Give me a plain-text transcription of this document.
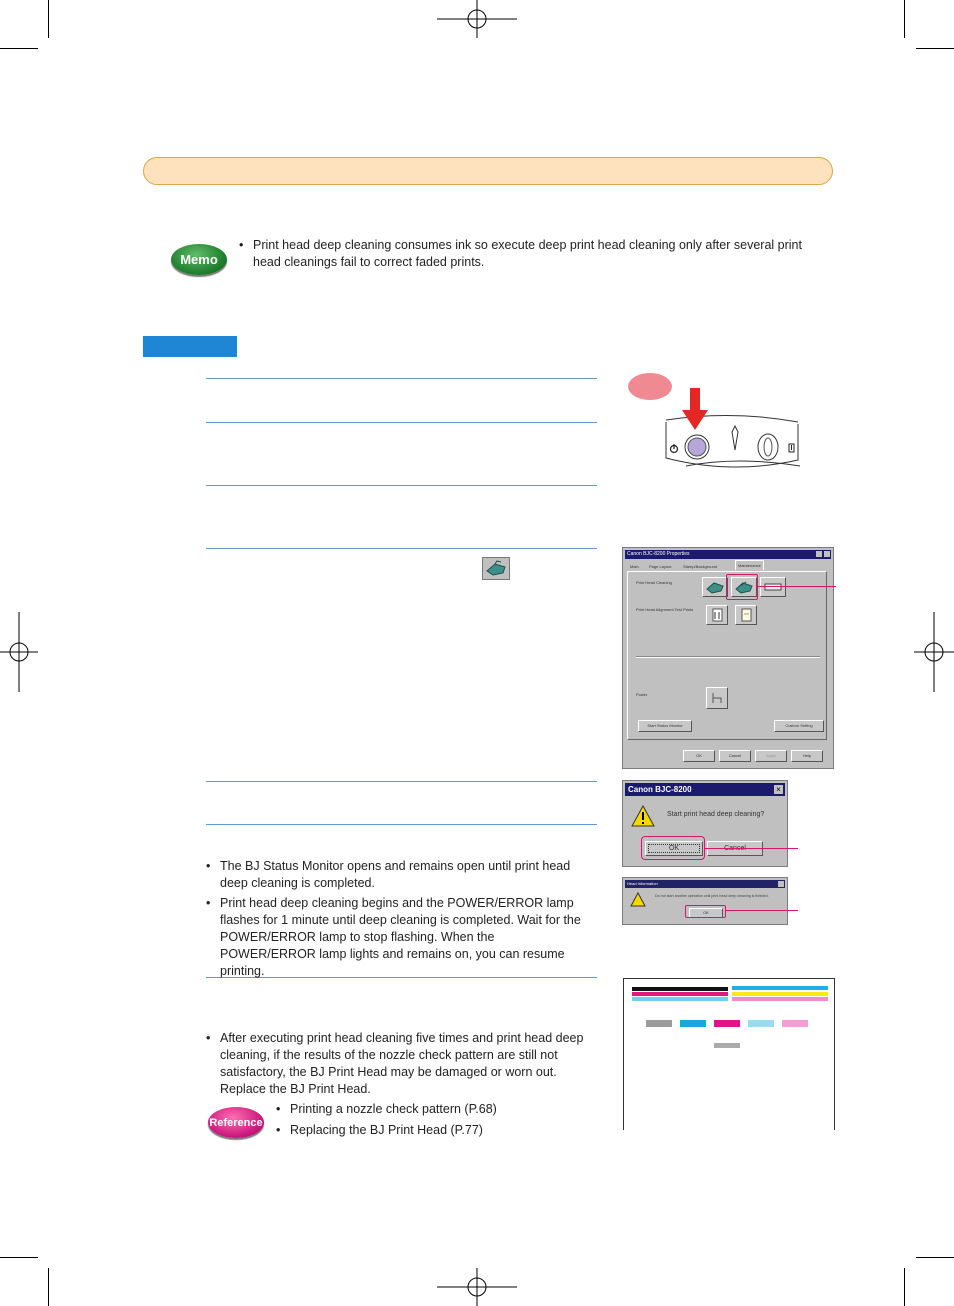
Memo
• Print head deep cleaning consumes ink so execute deep print head cleaning only after several print head cleanings fail to correct faded prints.
Canon BJC-8200 Properties
Main	Page Layout	Stamp/Background	Maintenance
Print Head Cleaning
Print Head Alignment Test Prints
Power
Start Status Monitor	Custom Setting
OK	Cancel	Apply	Help
Canon BJC-8200	×
Start print head deep cleaning?
OK
Head Information
Do not start another operation until print head deep cleaning is finished.
OK
• The BJ Status Monitor opens and remains open until print head deep cleaning is completed.
• Print head deep cleaning begins and the POWER/ERROR lamp flashes for 1 minute until deep cleaning is completed. Wait for the POWER/ERROR lamp to stop flashing. When the POWER/ERROR lamp lights and remains on, you can resume printing.
• After executing print head cleaning five times and print head deep cleaning, if the results of the nozzle check pattern are still not satisfactory, the BJ Print Head may be damaged or worn out. Replace the BJ Print Head.
Reference
• Printing a nozzle check pattern (P.68)
• Replacing the BJ Print Head (P.77)
